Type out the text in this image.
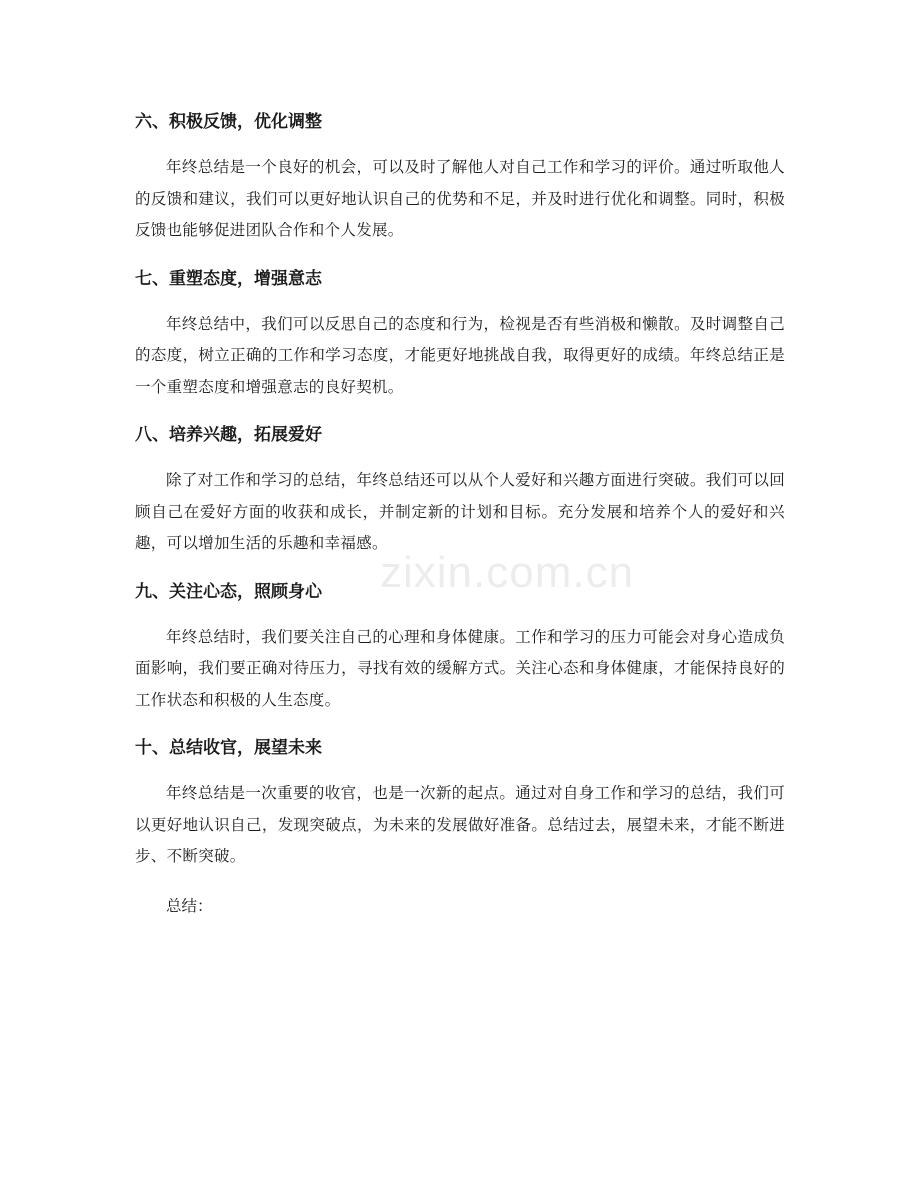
六、积极反馈，优化调整

年终总结是一个良好的机会，可以及时了解他人对自己工作和学习的评价。通过听取他人的反馈和建议，我们可以更好地认识自己的优势和不足，并及时进行优化和调整。同时，积极反馈也能够促进团队合作和个人发展。

七、重塑态度，增强意志

年终总结中，我们可以反思自己的态度和行为，检视是否有些消极和懒散。及时调整自己的态度，树立正确的工作和学习态度，才能更好地挑战自我，取得更好的成绩。年终总结正是一个重塑态度和增强意志的良好契机。

八、培养兴趣，拓展爱好

除了对工作和学习的总结，年终总结还可以从个人爱好和兴趣方面进行突破。我们可以回顾自己在爱好方面的收获和成长，并制定新的计划和目标。充分发展和培养个人的爱好和兴趣，可以增加生活的乐趣和幸福感。

九、关注心态，照顾身心

年终总结时，我们要关注自己的心理和身体健康。工作和学习的压力可能会对身心造成负面影响，我们要正确对待压力，寻找有效的缓解方式。关注心态和身体健康，才能保持良好的工作状态和积极的人生态度。

十、总结收官，展望未来

年终总结是一次重要的收官，也是一次新的起点。通过对自身工作和学习的总结，我们可以更好地认识自己，发现突破点，为未来的发展做好准备。总结过去，展望未来，才能不断进步、不断突破。

总结：

zixin.com.cn
